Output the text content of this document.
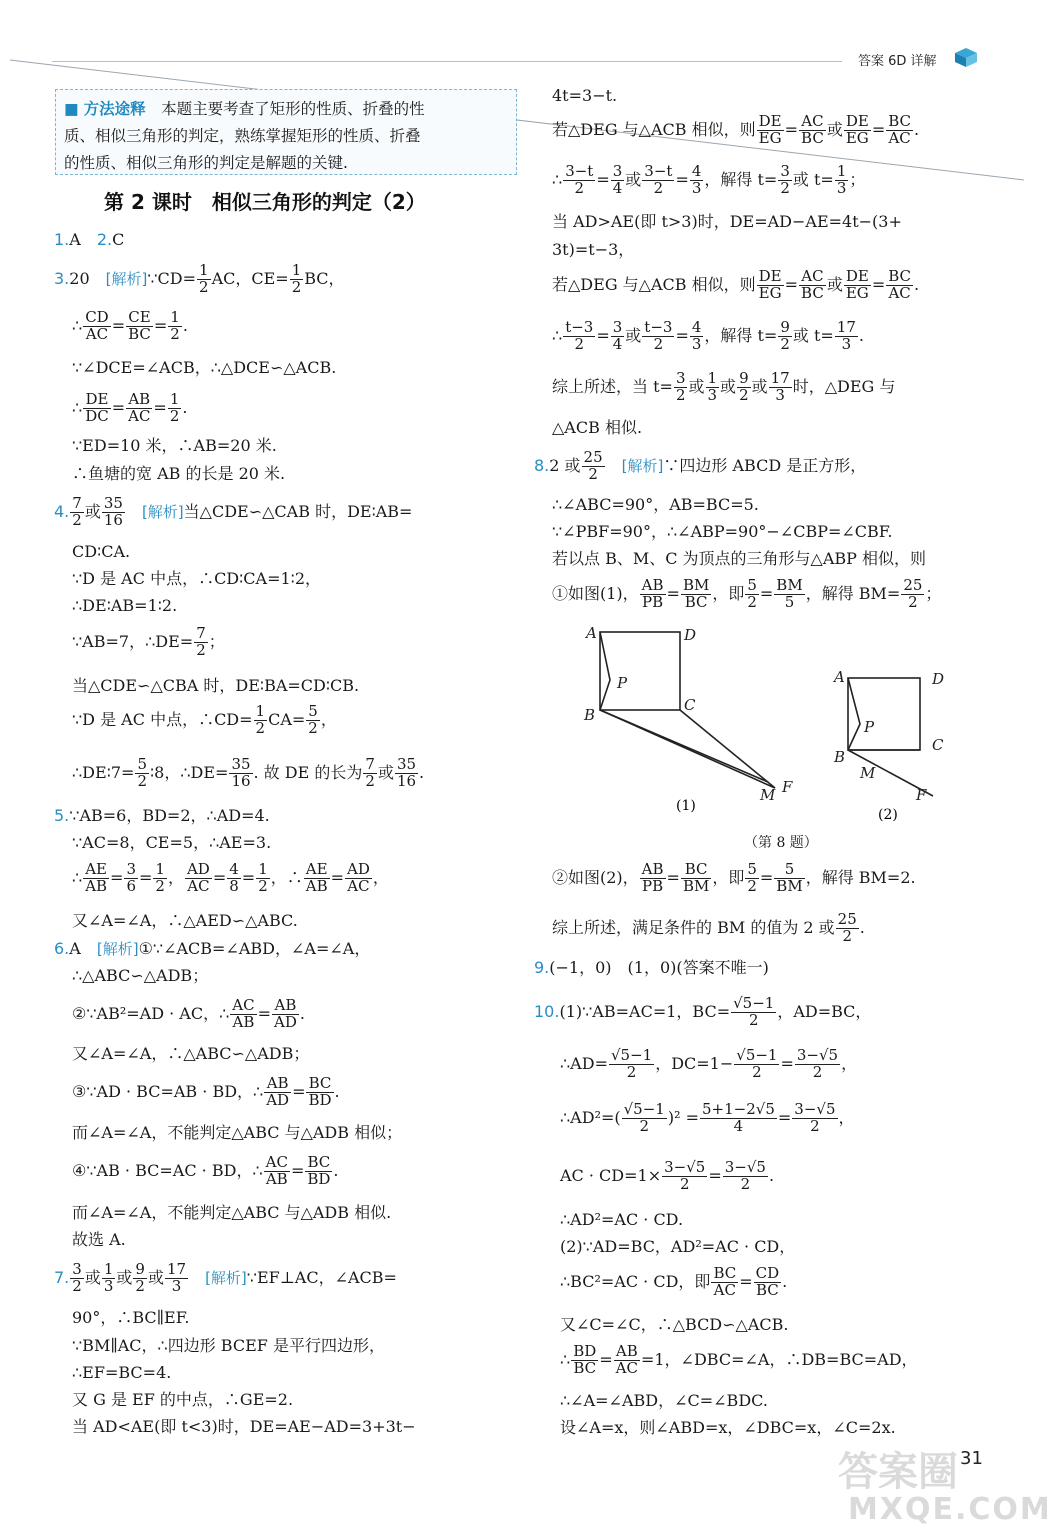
答案 6D 详解
■ 方法途释　 本题主要考查了矩形的性质、折叠的性
质、相似三角形的判定，熟练掌握矩形的性质、折叠
的性质、相似三角形的判定是解题的关键.
第 2 课时　相似三角形的判定（2）
1.A　2.C
3.20　 [解析]∵CD= $\frac{1}{2}$ AC，$CE= \frac{1}{2}$ BC，
∴ $\frac{CD}{AC} = \frac{CE}{BC} = \frac{1}{2}$ .
∵∠DCE=∠ACB，∴△DCE∽△ACB.
∴ $\frac{DE}{DC} = \frac{AB}{AC} = \frac{1}{2}$ .
∵ED=10 米，∴AB=20 米.
∴鱼塘的宽 AB 的长是 20 米.
4. $\frac{7}{2}$ 或 $\frac{35}{16}$
　 [解析]当△CDE∽△CAB 时，DE∶AB=
CD∶CA.
∵D 是 AC 中点，∴CD∶CA=1∶2，
∴DE∶AB=1∶2.
∵AB=7，∴DE= $\frac{7}{2}$ ；
当△CDE∽△CBA 时，DE∶BA=CD∶CB.
∵D 是 AC 中点，∴CD= $\frac{1}{2} CA= \frac{5}{2}$ ，
∴DE∶7= $\frac{5}{2}$ ∶8，∴DE= $\frac{35}{16}$ . 故 DE 的长为 $\frac{7}{2}$ 或 $\frac{35}{16}$ .
5.∵AB=6，BD=2，∴AD=4.
∵AC=8，CE=5，∴AE=3.
∴ $\frac{AE}{AB} = \frac{3}{6} = \frac{1}{2}$ ， $\frac{AD}{AC} = \frac{4}{8} = \frac{1}{2}$ ，∴ $\frac{AE}{AB} = \frac{AD}{AC}$ ，
又∠A=∠A，∴△AED∽△ABC.
6.A　 [解析]①∵∠ACB=∠ABD，∠A=∠A，
∴△ABC∽△ADB；
②∵AB²=AD · AC，∴ $\frac{AC}{AB} = \frac{AB}{AD}$ .
又∠A=∠A，∴△ABC∽△ADB；
③∵AD · BC=AB · BD，∴ $\frac{AB}{AD} = \frac{BC}{BD}$ .
而∠A=∠A，不能判定△ABC 与△ADB 相似；
④∵AB · BC=AC · BD，∴ $\frac{AC}{AB} = \frac{BC}{BD}$ .
而∠A=∠A，不能判定△ABC 与△ADB 相似.
故选 A.
7. $\frac{3}{2}$ 或 $\frac{1}{3}$ 或 $\frac{9}{2}$ 或 $\frac{17}{3}$
　 [解析]∵EF⊥AC，∠ACB=
90°，∴BC∥EF.
∵BM∥AC，∴四边形 BCEF 是平行四边形，
∴EF=BC=4.
又 G 是 EF 的中点，∴GE=2.
当 AD<AE(即 t<3)时，DE=AE−AD=3+3t−
4t=3−t.
若△DEG 与△ACB 相似，则 $\frac{DE}{EG} = \frac{AC}{BC}$ 或 $\frac{DE}{EG} = \frac{BC}{AC}$ .
∴ $\frac{3-t}{2} = \frac{3}{4}$ 或 $\frac{3-t}{2} = \frac{4}{3}$ ，解得 $t= \frac{3}{2}$ 或 $t= \frac{1}{3}$ ；
当 AD>AE(即 t>3)时，DE=AD−AE=4t−(3+
3t)=t−3，
若△DEG 与△ACB 相似，则 $\frac{DE}{EG} = \frac{AC}{BC}$ 或 $\frac{DE}{EG} = \frac{BC}{AC}$ .
∴ $\frac{t-3}{2} = \frac{3}{4}$ 或 $\frac{t-3}{2} = \frac{4}{3}$ ，解得 $t= \frac{9}{2}$ 或 $t= \frac{17}{3}$ .
综上所述，当 $t= \frac{3}{2}$ 或 $\frac{1}{3}$ 或 $\frac{9}{2}$ 或 $\frac{17}{3}$ 时，△DEG 与
△ACB 相似.
8.2 或 $\frac{25}{2}$
　 [解析]∵四边形 ABCD 是正方形，
∴∠ABC=90°，AB=BC=5.
∵∠PBF=90°，∴∠ABP=90°−∠CBP=∠CBF.
若以点 B、M、C 为顶点的三角形与△ABP 相似，则
①如图(1)， $\frac{AB}{PB} = \frac{BM}{BC}$ ，即 $\frac{5}{2} = \frac{BM}{5}$ ，解得 $BM= \frac{25}{2}$ ；
A	D
P
B
C
M F
(1)
A	D
P
B
C
M
F
(2)
（第 8 题）
②如图(2)， $\frac{AB}{PB} = \frac{BC}{BM}$ ，即 $\frac{5}{2} = \frac{5}{BM}$ ，解得 BM=2.
综上所述，满足条件的 BM 的值为 2 或 $\frac{25}{2}$ .
9.(−1，0)　(1，0)(答案不唯一)
10.(1)∵AB=AC=1，$BC= \frac{√5-1}{2}$ ，AD=BC，
∴AD= $\frac{√5-1}{2}$ ，$DC=1- \frac{√5-1}{2} = \frac{3-√5}{2}$ ，
∴AD²=( $\frac{√5-1}{2} )^2 = \frac{5+1-2√5}{4} = \frac{3-√5}{2}$ ，
AC · $CD=1\times \frac{3-√5}{2} = \frac{3-√5}{2}$ .
∴AD²=AC · CD.
(2)∵AD=BC，AD²=AC · CD，
∴BC²=AC · CD，即 $\frac{BC}{AC} = \frac{CD}{BC}$ .
又∠C=∠C，∴△BCD∽△ACB.
∴ $\frac{BD}{BC} = \frac{AB}{AC} =1$，∠DBC=∠A，∴DB=BC=AD，
∴∠A=∠ABD，∠C=∠BDC.
设∠A=x，则∠ABD=x，∠DBC=x，∠C=2x.
答案圈
MXQE.COM
31
